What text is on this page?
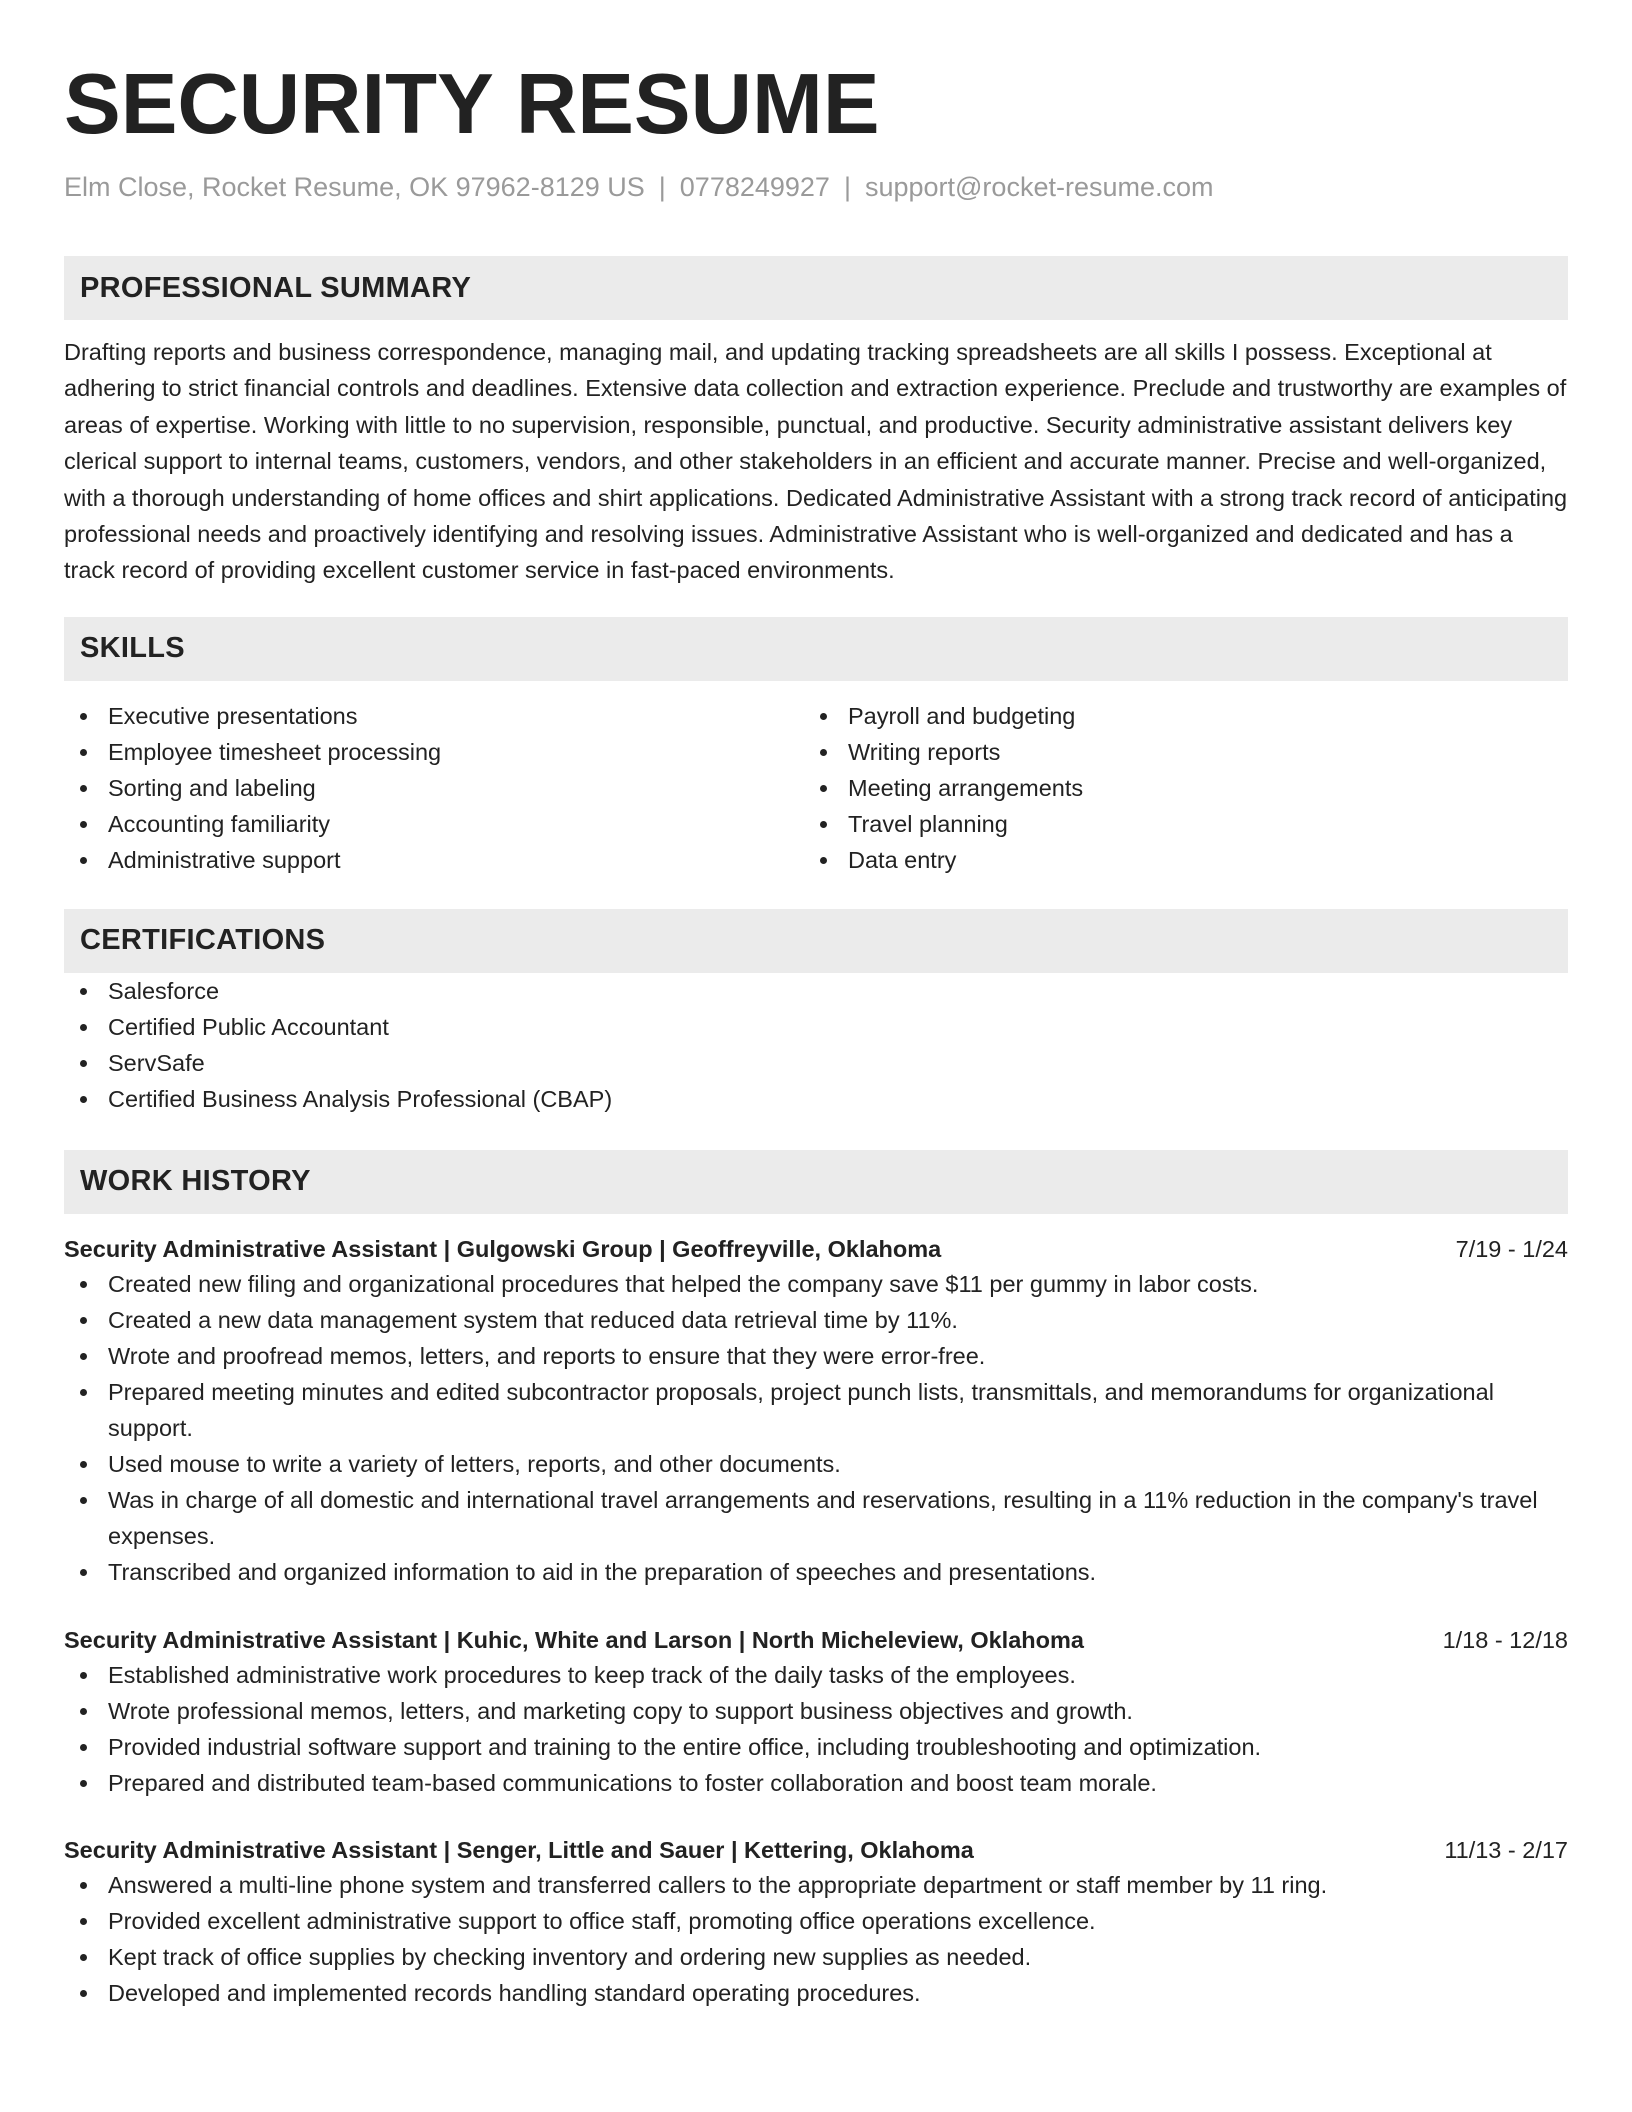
SECURITY RESUME
Elm Close, Rocket Resume, OK 97962-8129 US | 0778249927 | support@rocket-resume.com
PROFESSIONAL SUMMARY

Drafting reports and business correspondence, managing mail, and updating tracking spreadsheets are all skills I possess. Exceptional at adhering to strict financial controls and deadlines. Extensive data collection and extraction experience. Preclude and trustworthy are examples of areas of expertise. Working with little to no supervision, responsible, punctual, and productive. Security administrative assistant delivers key clerical support to internal teams, customers, vendors, and other stakeholders in an efficient and accurate manner. Precise and well-organized, with a thorough understanding of home offices and shirt applications. Dedicated Administrative Assistant with a strong track record of anticipating professional needs and proactively identifying and resolving issues. Administrative Assistant who is well-organized and dedicated and has a track record of providing excellent customer service in fast-paced environments.

SKILLS
Executive presentations
Employee timesheet processing
Sorting and labeling
Accounting familiarity
Administrative support
Payroll and budgeting
Writing reports
Meeting arrangements
Travel planning
Data entry
CERTIFICATIONS
Salesforce
Certified Public Accountant
ServSafe
Certified Business Analysis Professional (CBAP)
WORK HISTORY
Security Administrative Assistant | Gulgowski Group | Geoffreyville, Oklahoma	7/19 - 1/24
Created new filing and organizational procedures that helped the company save $11 per gummy in labor costs.
Created a new data management system that reduced data retrieval time by 11%.
Wrote and proofread memos, letters, and reports to ensure that they were error-free.
Prepared meeting minutes and edited subcontractor proposals, project punch lists, transmittals, and memorandums for organizational support.
Used mouse to write a variety of letters, reports, and other documents.
Was in charge of all domestic and international travel arrangements and reservations, resulting in a 11% reduction in the company's travel expenses.
Transcribed and organized information to aid in the preparation of speeches and presentations.
Security Administrative Assistant | Kuhic, White and Larson | North Micheleview, Oklahoma	1/18 - 12/18
Established administrative work procedures to keep track of the daily tasks of the employees.
Wrote professional memos, letters, and marketing copy to support business objectives and growth.
Provided industrial software support and training to the entire office, including troubleshooting and optimization.
Prepared and distributed team-based communications to foster collaboration and boost team morale.
Security Administrative Assistant | Senger, Little and Sauer | Kettering, Oklahoma	11/13 - 2/17
Answered a multi-line phone system and transferred callers to the appropriate department or staff member by 11 ring.
Provided excellent administrative support to office staff, promoting office operations excellence.
Kept track of office supplies by checking inventory and ordering new supplies as needed.
Developed and implemented records handling standard operating procedures.
